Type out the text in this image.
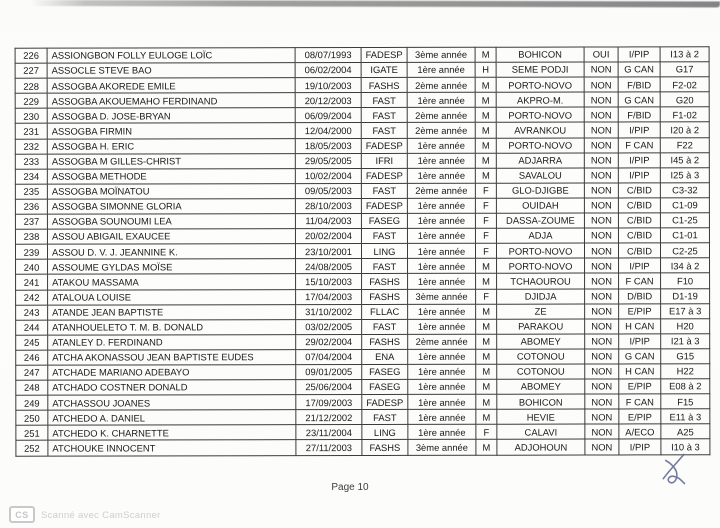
226	ASSIONGBON FOLLY EULOGE LOÏC	08/07/1993	FADESP	3ème année	M	BOHICON	OUI	I/PIP	I13 à 2
227	ASSOCLE STEVE BAO	06/02/2004	IGATE	1ère année	H	SEME PODJI	NON	G CAN	G17
228	ASSOGBA AKOREDE EMILE	19/10/2003	FASHS	2ème année	M	PORTO-NOVO	NON	F/BID	F2-02
229	ASSOGBA AKOUEMAHO FERDINAND	20/12/2003	FAST	1ère année	M	AKPRO-M.	NON	G CAN	G20
230	ASSOGBA D. JOSE-BRYAN	06/09/2004	FAST	2ème année	M	PORTO-NOVO	NON	F/BID	F1-02
231	ASSOGBA FIRMIN	12/04/2000	FAST	2ème année	M	AVRANKOU	NON	I/PIP	I20 à 2
232	ASSOGBA H. ERIC	18/05/2003	FADESP	1ère année	M	PORTO-NOVO	NON	F CAN	F22
233	ASSOGBA M GILLES-CHRIST	29/05/2005	IFRI	1ère année	M	ADJARRA	NON	I/PIP	I45 à 2
234	ASSOGBA METHODE	10/02/2004	FADESP	1ère année	M	SAVALOU	NON	I/PIP	I25 à 3
235	ASSOGBA MOÏNATOU	09/05/2003	FAST	2ème année	F	GLO-DJIGBE	NON	C/BID	C3-32
236	ASSOGBA SIMONNE GLORIA	28/10/2003	FADESP	1ère année	F	OUIDAH	NON	C/BID	C1-09
237	ASSOGBA SOUNOUMI LEA	11/04/2003	FASEG	1ère année	F	DASSA-ZOUME	NON	C/BID	C1-25
238	ASSOU ABIGAIL EXAUCEE	20/02/2004	FAST	1ère année	F	ADJA	NON	C/BID	C1-01
239	ASSOU D. V. J. JEANNINE K.	23/10/2001	LING	1ère année	F	PORTO-NOVO	NON	C/BID	C2-25
240	ASSOUME GYLDAS MOÏSE	24/08/2005	FAST	1ère année	M	PORTO-NOVO	NON	I/PIP	I34 à 2
241	ATAKOU MASSAMA	15/10/2003	FASHS	1ère année	M	TCHAOUROU	NON	F CAN	F10
242	ATALOUA LOUISE	17/04/2003	FASHS	3ème année	F	DJIDJA	NON	D/BID	D1-19
243	ATANDE JEAN BAPTISTE	31/10/2002	FLLAC	1ère année	M	ZE	NON	E/PIP	E17 à 3
244	ATANHOUELETO T. M. B. DONALD	03/02/2005	FAST	1ère année	M	PARAKOU	NON	H CAN	H20
245	ATANLEY D. FERDINAND	29/02/2004	FASHS	2ème année	M	ABOMEY	NON	I/PIP	I21 à 3
246	ATCHA AKONASSOU JEAN BAPTISTE EUDES	07/04/2004	ENA	1ère année	M	COTONOU	NON	G CAN	G15
247	ATCHADE MARIANO ADEBAYO	09/01/2005	FASEG	1ère année	M	COTONOU	NON	H CAN	H22
248	ATCHADO COSTNER DONALD	25/06/2004	FASEG	1ère année	M	ABOMEY	NON	E/PIP	E08 à 2
249	ATCHASSOU JOANES	17/09/2003	FADESP	1ère année	M	BOHICON	NON	F CAN	F15
250	ATCHEDO A. DANIEL	21/12/2002	FAST	1ère année	M	HEVIE	NON	E/PIP	E11 à 3
251	ATCHEDO K. CHARNETTE	23/11/2004	LING	1ère année	F	CALAVI	NON	A/ECO	A25
252	ATCHOUKE INNOCENT	27/11/2003	FASHS	3ème année	M	ADJOHOUN	NON	I/PIP	I10 à 3
Page 10
CS	Scanné avec CamScanner
